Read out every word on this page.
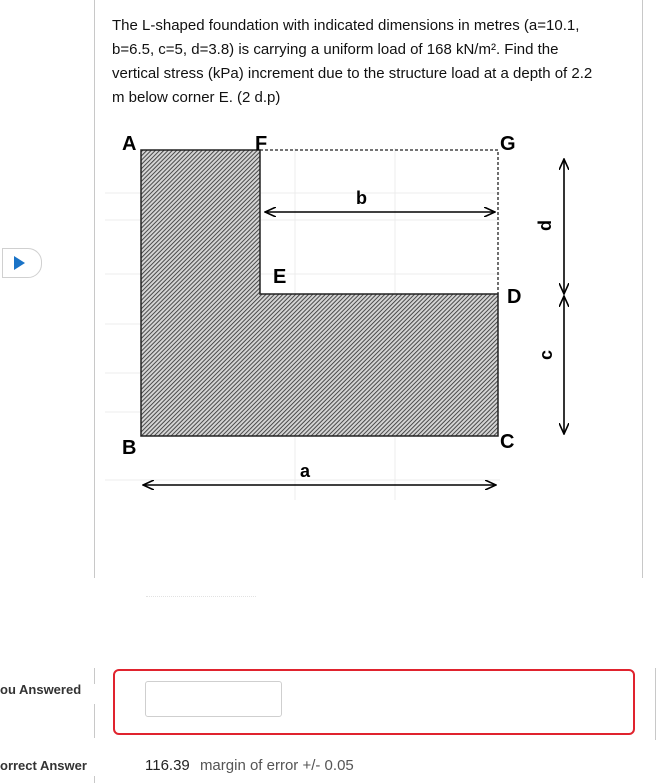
The L-shaped foundation with indicated dimensions in metres (a=10.1,
b=6.5, c=5, d=3.8) is carrying a uniform load of 168 kN/m². Find the
vertical stress (kPa) increment due to the structure load at a depth of 2.2
m below corner E. (2 d.p)
A	F	G
E
D
B	C
b
a
d
c
ou Answered
orrect Answer	116.39 margin of error +/- 0.05
